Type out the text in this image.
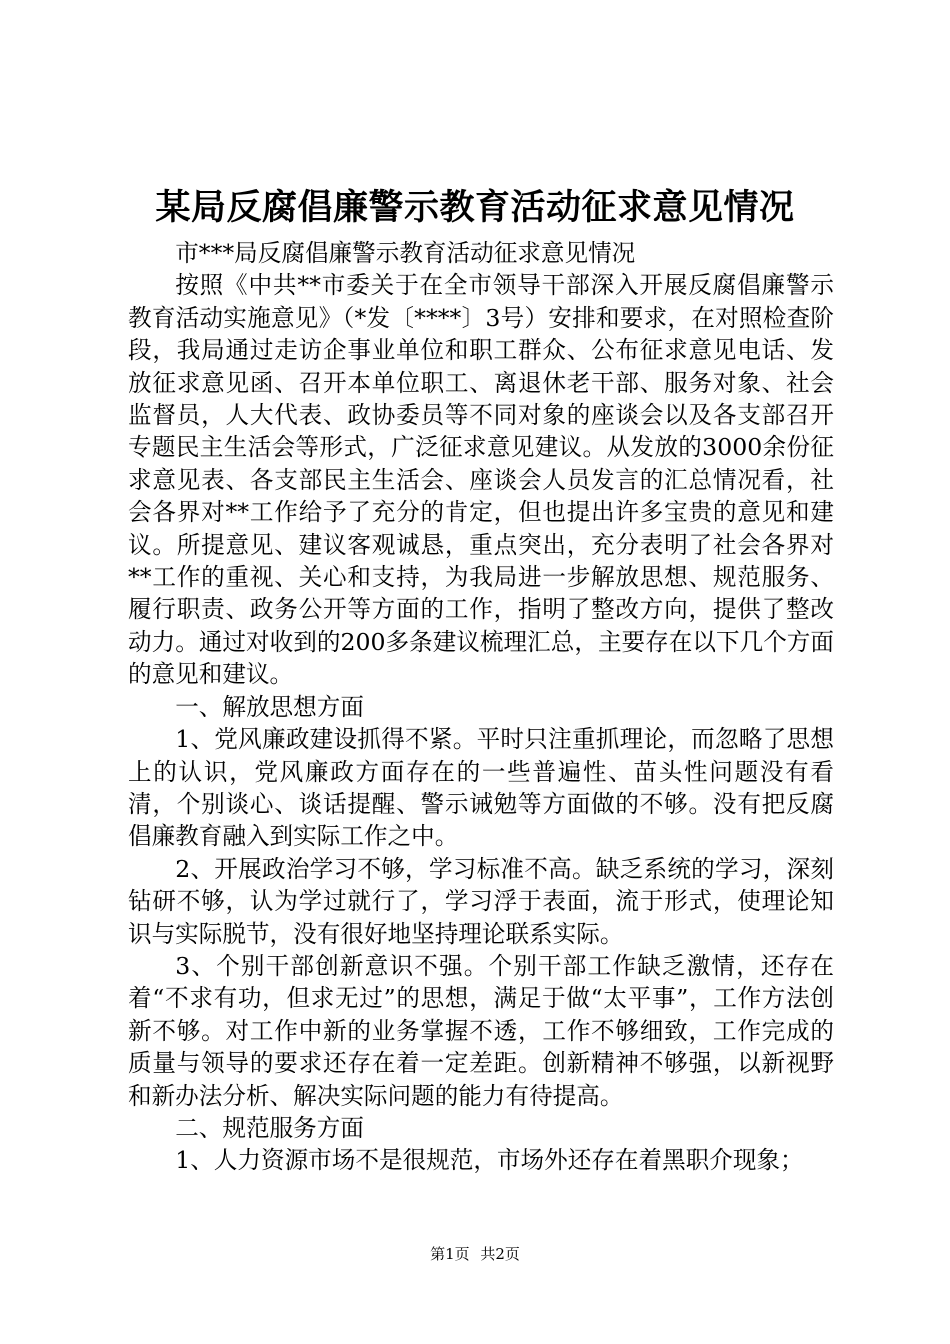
某局反腐倡廉警示教育活动征求意见情况

市***局反腐倡廉警示教育活动征求意见情况

按照《中共**市委关于在全市领导干部深入开展反腐倡廉警示教育活动实施意见》（*发〔****〕3号）安排和要求，在对照检查阶段，我局通过走访企事业单位和职工群众、公布征求意见电话、发放征求意见函、召开本单位职工、离退休老干部、服务对象、社会监督员，人大代表、政协委员等不同对象的座谈会以及各支部召开专题民主生活会等形式，广泛征求意见建议。从发放的3000余份征求意见表、各支部民主生活会、座谈会人员发言的汇总情况看，社会各界对**工作给予了充分的肯定，但也提出许多宝贵的意见和建议。所提意见、建议客观诚恳，重点突出，充分表明了社会各界对**工作的重视、关心和支持，为我局进一步解放思想、规范服务、履行职责、政务公开等方面的工作，指明了整改方向，提供了整改动力。通过对收到的200多条建议梳理汇总，主要存在以下几个方面的意见和建议。

一、解放思想方面

1、党风廉政建设抓得不紧。平时只注重抓理论，而忽略了思想上的认识，党风廉政方面存在的一些普遍性、苗头性问题没有看清，个别谈心、谈话提醒、警示诫勉等方面做的不够。没有把反腐倡廉教育融入到实际工作之中。

2、开展政治学习不够，学习标准不高。缺乏系统的学习，深刻钻研不够，认为学过就行了，学习浮于表面，流于形式，使理论知识与实际脱节，没有很好地坚持理论联系实际。

3、个别干部创新意识不强。个别干部工作缺乏激情，还存在着“不求有功，但求无过”的思想，满足于做“太平事”，工作方法创新不够。对工作中新的业务掌握不透，工作不够细致，工作完成的质量与领导的要求还存在着一定差距。创新精神不够强，以新视野和新办法分析、解决实际问题的能力有待提高。

二、规范服务方面

1、人力资源市场不是很规范，市场外还存在着黑职介现象；

第1页 共2页
